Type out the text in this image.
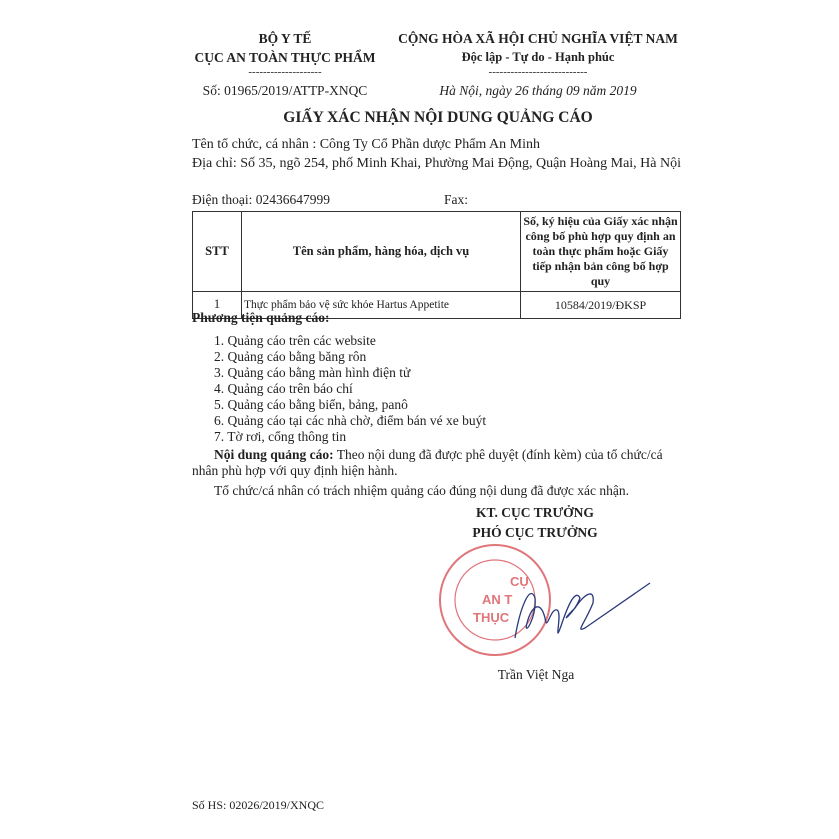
BỘ Y TẾ
CỤC AN TOÀN THỰC PHẨM
--------------------
CỘNG HÒA XÃ HỘI CHỦ NGHĨA VIỆT NAM
Độc lập - Tự do - Hạnh phúc
---------------------------
Số: 01965/2019/ATTP-XNQC	Hà Nội, ngày 26 tháng 09 năm 2019
GIẤY XÁC NHẬN NỘI DUNG QUẢNG CÁO
Tên tổ chức, cá nhân : Công Ty Cổ Phần dược Phẩm An Minh
Địa chỉ: Số 35, ngõ 254, phố Minh Khai, Phường Mai Động, Quận Hoàng Mai, Hà Nội
Điện thoại: 02436647999	Fax:
STT	Tên sản phẩm, hàng hóa, dịch vụ	Số, ký hiệu của Giấy xác nhận công bố phù hợp quy định an toàn thực phẩm hoặc Giấy tiếp nhận bản công bố hợp quy
1	Thực phẩm bảo vệ sức khỏe Hartus Appetite	10584/2019/ĐKSP
Phương tiện quảng cáo:
1. Quảng cáo trên các website
2. Quảng cáo bằng băng rôn
3. Quảng cáo bằng màn hình điện tử
4. Quảng cáo trên báo chí
5. Quảng cáo bằng biển, bảng, panô
6. Quảng cáo tại các nhà chờ, điểm bán vé xe buýt
7. Tờ rơi, cổng thông tin
Nội dung quảng cáo: Theo nội dung đã được phê duyệt (đính kèm) của tổ chức/cá
nhân phù hợp với quy định hiện hành.
Tổ chức/cá nhân có trách nhiệm quảng cáo đúng nội dung đã được xác nhận.
KT. CỤC TRƯỞNG
PHÓ CỤC TRƯỞNG
CỤ
AN T
THỤC
Trần Việt Nga
Số HS: 02026/2019/XNQC
